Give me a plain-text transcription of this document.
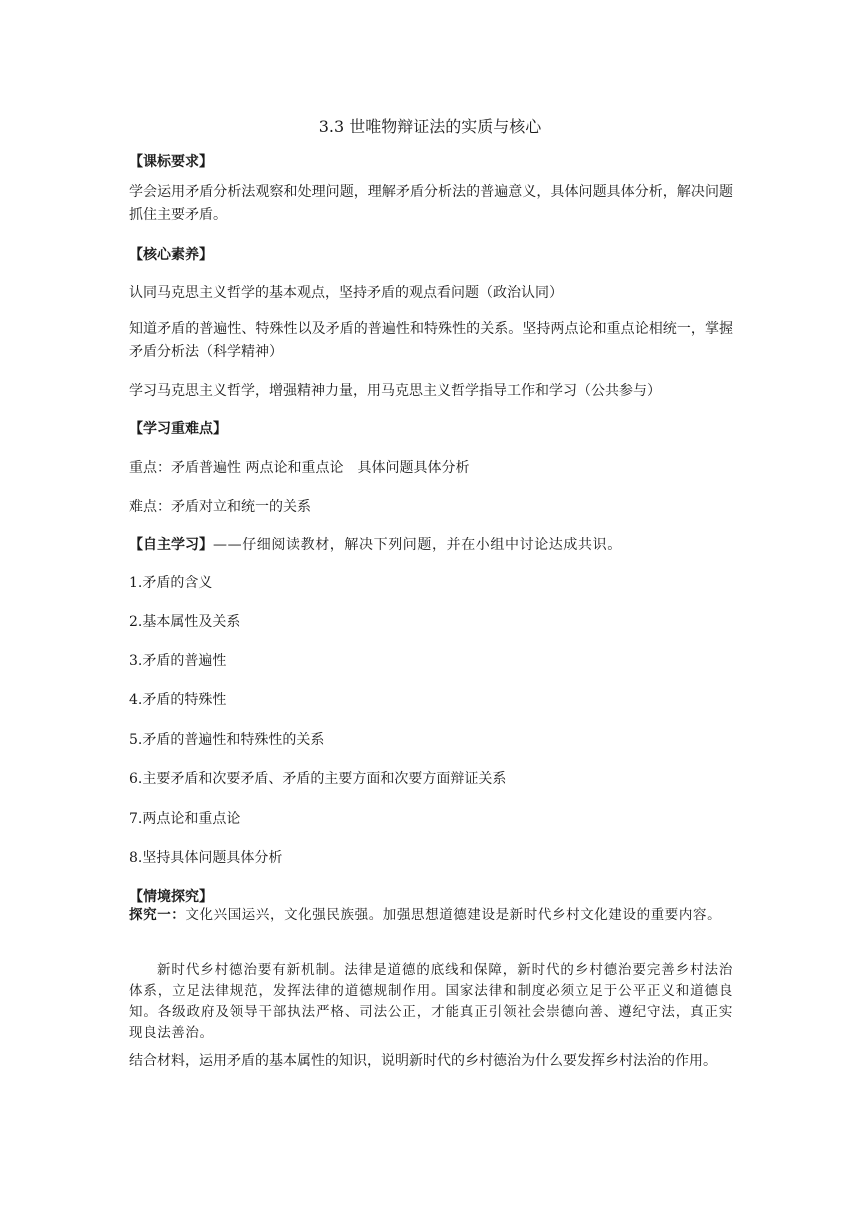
3.3 世唯物辩证法的实质与核心
【课标要求】
学会运用矛盾分析法观察和处理问题，理解矛盾分析法的普遍意义，具体问题具体分析，解决问题抓住主要矛盾。
【核心素养】
认同马克思主义哲学的基本观点，坚持矛盾的观点看问题（政治认同）
知道矛盾的普遍性、特殊性以及矛盾的普遍性和特殊性的关系。坚持两点论和重点论相统一，掌握矛盾分析法（科学精神）
学习马克思主义哲学，增强精神力量，用马克思主义哲学指导工作和学习（公共参与）
【学习重难点】
重点：矛盾普遍性 两点论和重点论　具体问题具体分析
难点：矛盾对立和统一的关系
【自主学习】——仔细阅读教材，解决下列问题，并在小组中讨论达成共识。
1.矛盾的含义
2.基本属性及关系
3.矛盾的普遍性
4.矛盾的特殊性
5.矛盾的普遍性和特殊性的关系
6.主要矛盾和次要矛盾、矛盾的主要方面和次要方面辩证关系
7.两点论和重点论
8.坚持具体问题具体分析
【情境探究】
探究一：文化兴国运兴，文化强民族强。加强思想道德建设是新时代乡村文化建设的重要内容。
新时代乡村德治要有新机制。法律是道德的底线和保障，新时代的乡村德治要完善乡村法治体系，立足法律规范，发挥法律的道德规制作用。国家法律和制度必须立足于公平正义和道德良知。各级政府及领导干部执法严格、司法公正，才能真正引领社会崇德向善、遵纪守法，真正实现良法善治。
结合材料，运用矛盾的基本属性的知识，说明新时代的乡村德治为什么要发挥乡村法治的作用。
